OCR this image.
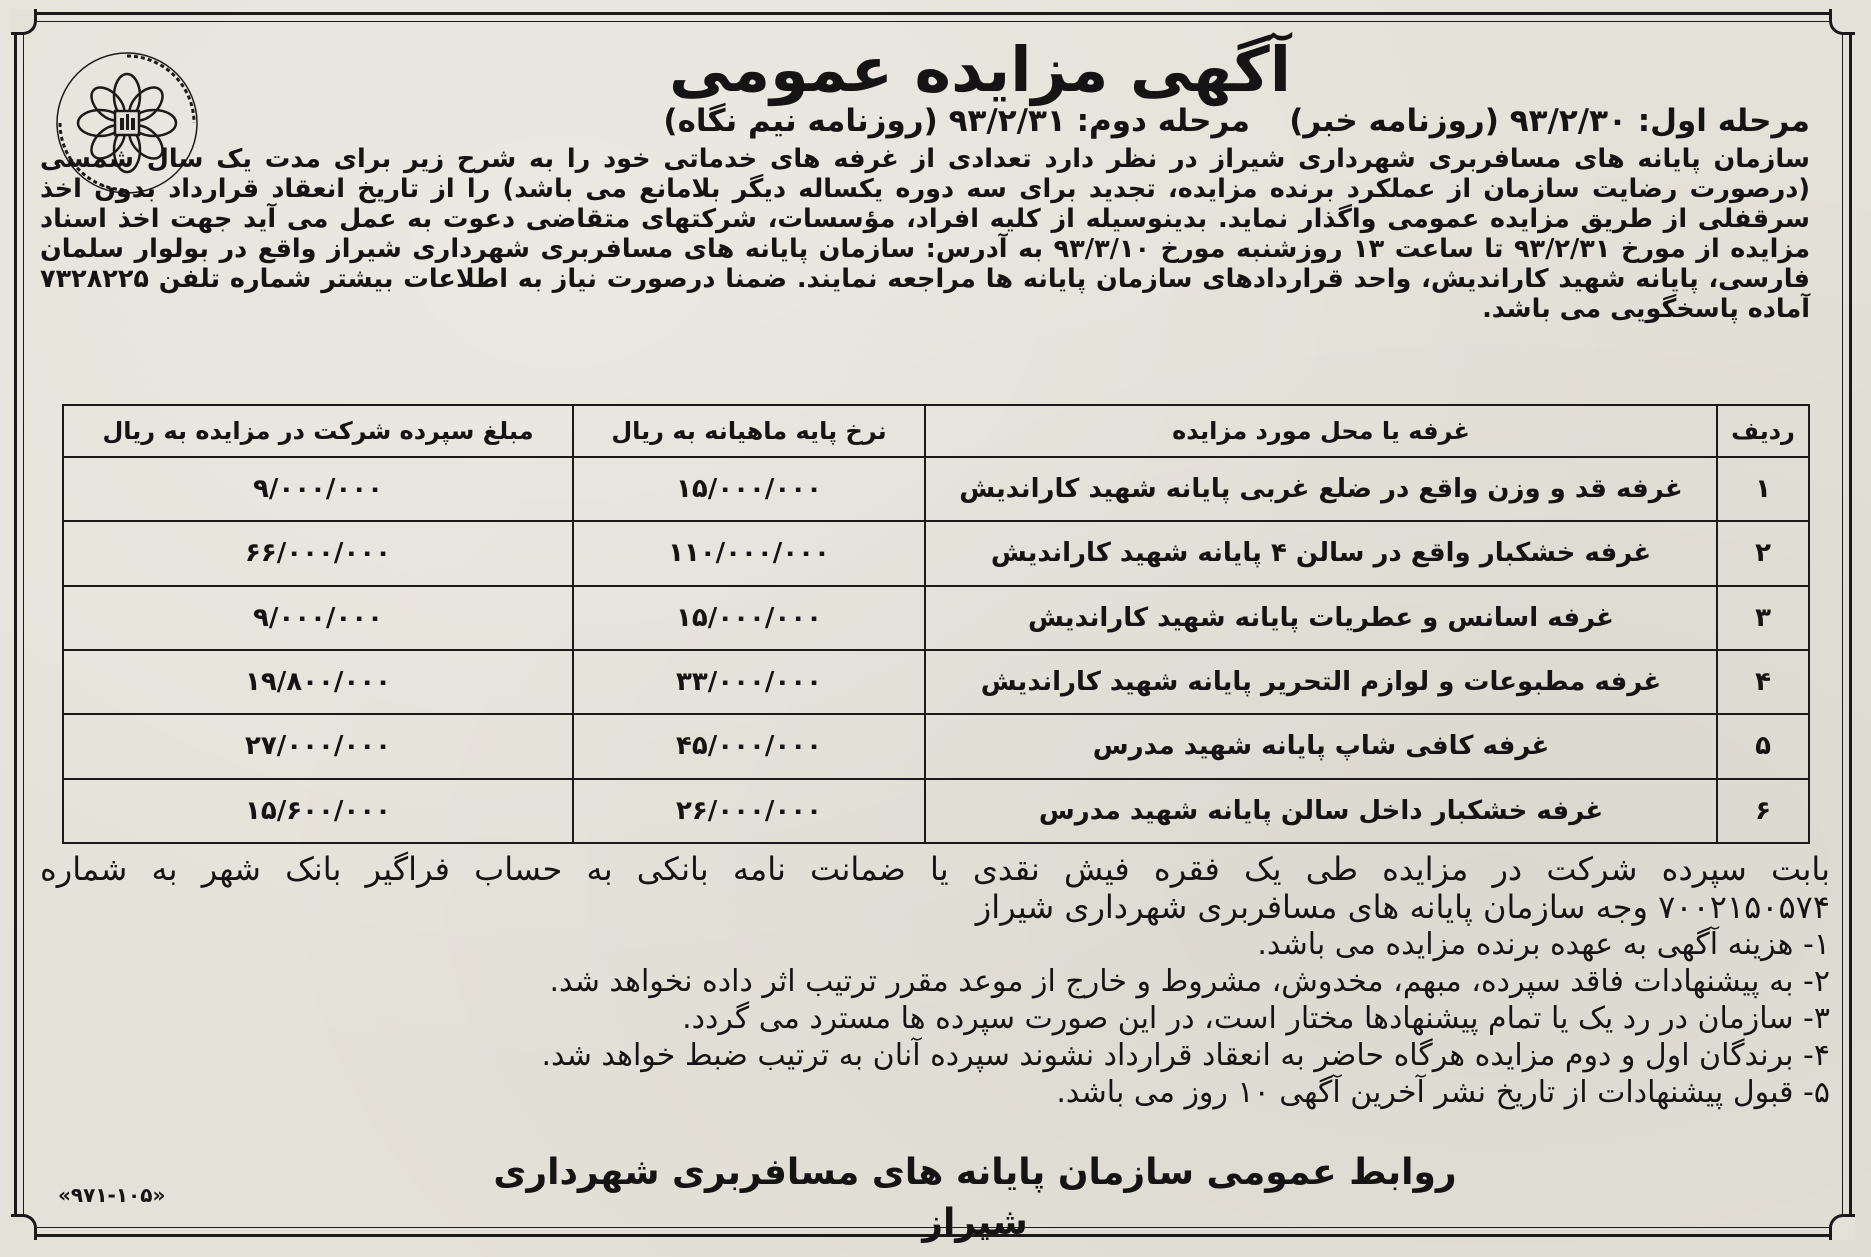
آگهی مزایده عمومی
مرحله اول: ۹۳/۲/۳۰ (روزنامه خبر)
مرحله دوم: ۹۳/۲/۳۱ (روزنامه نیم نگاه)
سازمان پایانه های مسافربری شهرداری شیراز در نظر دارد تعدادی از غرفه های خدماتی خود را به شرح زیر برای مدت یک سال شمسی (درصورت رضایت سازمان از عملکرد برنده مزایده، تجدید برای سه دوره یکساله دیگر بلامانع می باشد) را از تاریخ انعقاد قرارداد بدون اخذ سرقفلی از طریق مزایده عمومی واگذار نماید. بدینوسیله از کلیه افراد، مؤسسات، شرکتهای متقاضی دعوت به عمل می آید جهت اخذ اسناد مزایده از مورخ ۹۳/۲/۳۱ تا ساعت ۱۳ روزشنبه مورخ ۹۳/۳/۱۰ به آدرس: سازمان پایانه های مسافربری شهرداری شیراز واقع در بولوار سلمان فارسی، پایانه شهید کاراندیش، واحد قراردادهای سازمان پایانه ها مراجعه نمایند. ضمنا درصورت نیاز به اطلاعات بیشتر شماره تلفن ۷۳۲۸۲۲۵ آماده پاسخگویی می باشد.
ردیف	غرفه یا محل مورد مزایده	نرخ پایه ماهیانه به ریال	مبلغ سپرده شرکت در مزایده به ریال
۱	غرفه قد و وزن واقع در ضلع غربی پایانه شهید کاراندیش	۱۵/۰۰۰/۰۰۰	۹/۰۰۰/۰۰۰
۲	غرفه خشکبار واقع در سالن ۴ پایانه شهید کاراندیش	۱۱۰/۰۰۰/۰۰۰	۶۶/۰۰۰/۰۰۰
۳	غرفه اسانس و عطریات پایانه شهید کاراندیش	۱۵/۰۰۰/۰۰۰	۹/۰۰۰/۰۰۰
۴	غرفه مطبوعات و لوازم التحریر پایانه شهید کاراندیش	۳۳/۰۰۰/۰۰۰	۱۹/۸۰۰/۰۰۰
۵	غرفه کافی شاپ پایانه شهید مدرس	۴۵/۰۰۰/۰۰۰	۲۷/۰۰۰/۰۰۰
۶	غرفه خشکبار داخل سالن پایانه شهید مدرس	۲۶/۰۰۰/۰۰۰	۱۵/۶۰۰/۰۰۰

بابت سپرده شرکت در مزایده طی یک فقره فیش نقدی یا ضمانت نامه بانکی به حساب فراگیر بانک شهر به شماره

۷۰۰۲۱۵۰۵۷۴ وجه سازمان پایانه های مسافربری شهرداری شیراز

۱- هزینه آگهی به عهده برنده مزایده می باشد.

۲- به پیشنهادات فاقد سپرده، مبهم، مخدوش، مشروط و خارج از موعد مقرر ترتیب اثر داده نخواهد شد.

۳- سازمان در رد یک یا تمام پیشنهادها مختار است، در این صورت سپرده ها مسترد می گردد.

۴- برندگان اول و دوم مزایده هرگاه حاضر به انعقاد قرارداد نشوند سپرده آنان به ترتیب ضبط خواهد شد.

۵- قبول پیشنهادات از تاریخ نشر آخرین آگهی ۱۰ روز می باشد.

روابط عمومی سازمان پایانه های مسافربری شهرداری شیراز
«۹۷۱-۱۰۵»
